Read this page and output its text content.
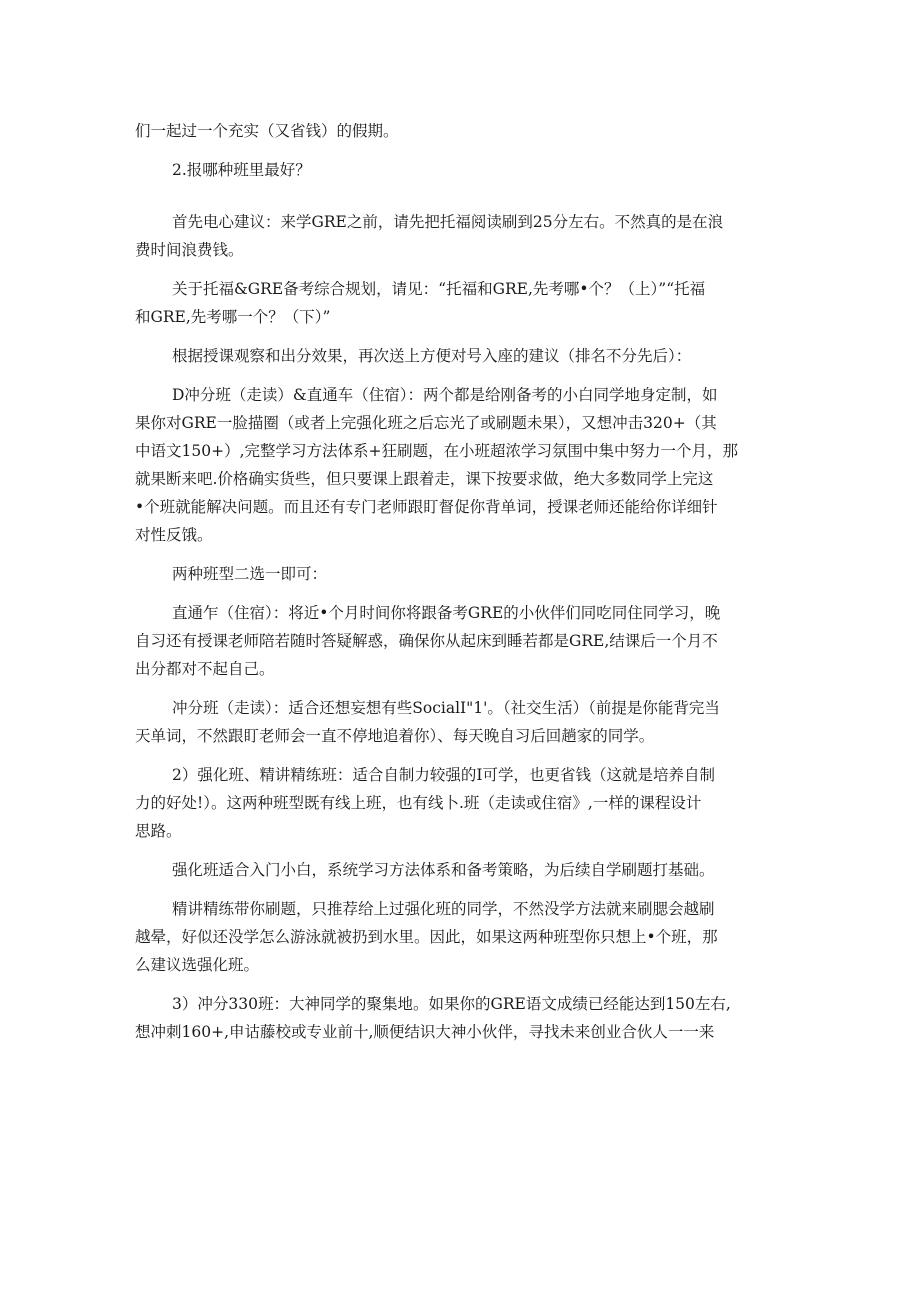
们一起过一个充实（又省钱）的假期。
2.报哪种班里最好？
首先电心建议：来学GRE之前，请先把托福阅读刷到25分左右。不然真的是在浪
费时间浪费钱。
关于托福&GRE备考综合规划，请见：“托福和GRE,先考哪•个？（上）”“托福
和GRE,先考哪一个？（下）”
根据授课观察和出分效果，再次送上方便对号入座的建议（排名不分先后）：
D冲分班（走读）&直通车（住宿）：两个都是给刚备考的小白同学地身定制，如
果你对GRE一脸描圈（或者上完强化班之后忘光了或刷题未果），又想冲击320+（其
中语文150+）,完整学习方法体系+狂刷题，在小班超浓学习氛围中集中努力一个月，那
就果断来吧.价格确实货些，但只要课上跟着走，课下按要求做，绝大多数同学上完这
•个班就能解决问题。而且还有专门老师跟盯督促你背单词，授课老师还能给你详细针
对性反饿。
两种班型二选一即可：
直通乍（住宿）：将近•个月时间你将跟备考GRE的小伙伴们同吃同住同学习，晚
自习还有授课老师陪若随时答疑解惑，确保你从起床到睡若都是GRE,结课后一个月不
出分都对不起自己。
冲分班（走读）：适合还想妄想有些SocialI"1'。（社交生活）（前提是你能背完当
天单词，不然跟盯老师会一直不停地追着你）、每天晚自习后回趟家的同学。
2）强化班、精讲精练班：适合自制力较强的I可学，也更省钱（这就是培养自制
力的好处!）。这两种班型既有线上班，也有线卜.班（走读或住宿》,一样的课程设计
思路。
强化班适合入门小白，系统学习方法体系和备考策略，为后续自学刷题打基础。
精讲精练带你刷题，只推荐给上过强化班的同学，不然没学方法就来刷腮会越刷
越晕，好似还没学怎么游泳就被扔到水里。因此，如果这两种班型你只想上•个班，那
么建议选强化班。
3）冲分330班：大神同学的聚集地。如果你的GRE语文成绩已经能达到150左右,
想冲刺160+,申诂藤校或专业前十,顺便结识大神小伙伴，寻找未来创业合伙人一一来
